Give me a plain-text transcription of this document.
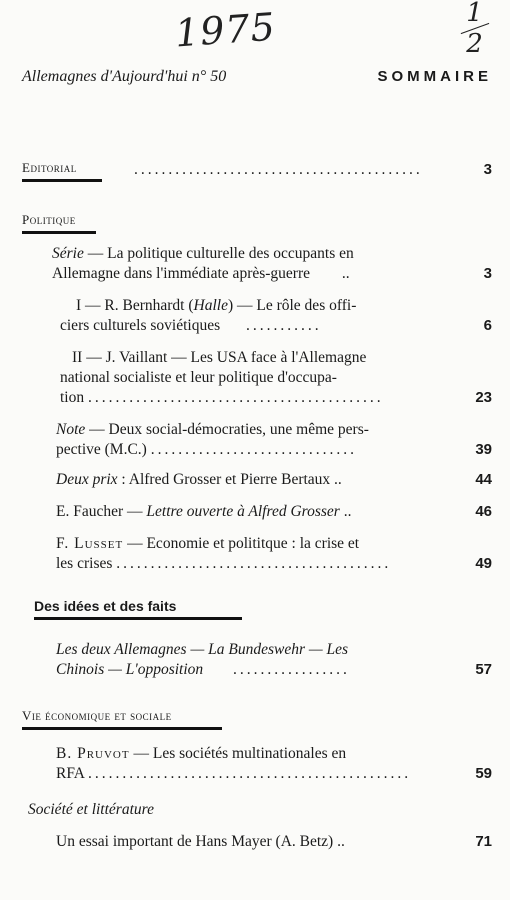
1975	1
2
Allemagnes d'Aujourd'hui n° 50	SOMMAIRE
Editorial	..........................................	3
Politique
Série — La politique culturelle des occupants en
Allemagne dans l'immédiate après-guerre ..	3
I — R. Bernhardt (Halle) — Le rôle des offi-
ciers culturels soviétiques ...........	6
II — J. Vaillant — Les USA face à l'Allemagne
national socialiste et leur politique d'occupa-
tion ...........................................	23
Note — Deux social-démocraties, une même pers-
pective (M.C.) ..............................	39
Deux prix : Alfred Grosser et Pierre Bertaux ..	44
E. Faucher — Lettre ouverte à Alfred Grosser ..	46
F. Lusset — Economie et polititque : la crise et
les crises ........................................	49
Des idées et des faits
Les deux Allemagnes — La Bundeswehr — Les
Chinois — L'opposition .................	57
Vie économique et sociale
B. Pruvot — Les sociétés multinationales en
RFA ...............................................	59
Société et littérature
Un essai important de Hans Mayer (A. Betz) ..	71
